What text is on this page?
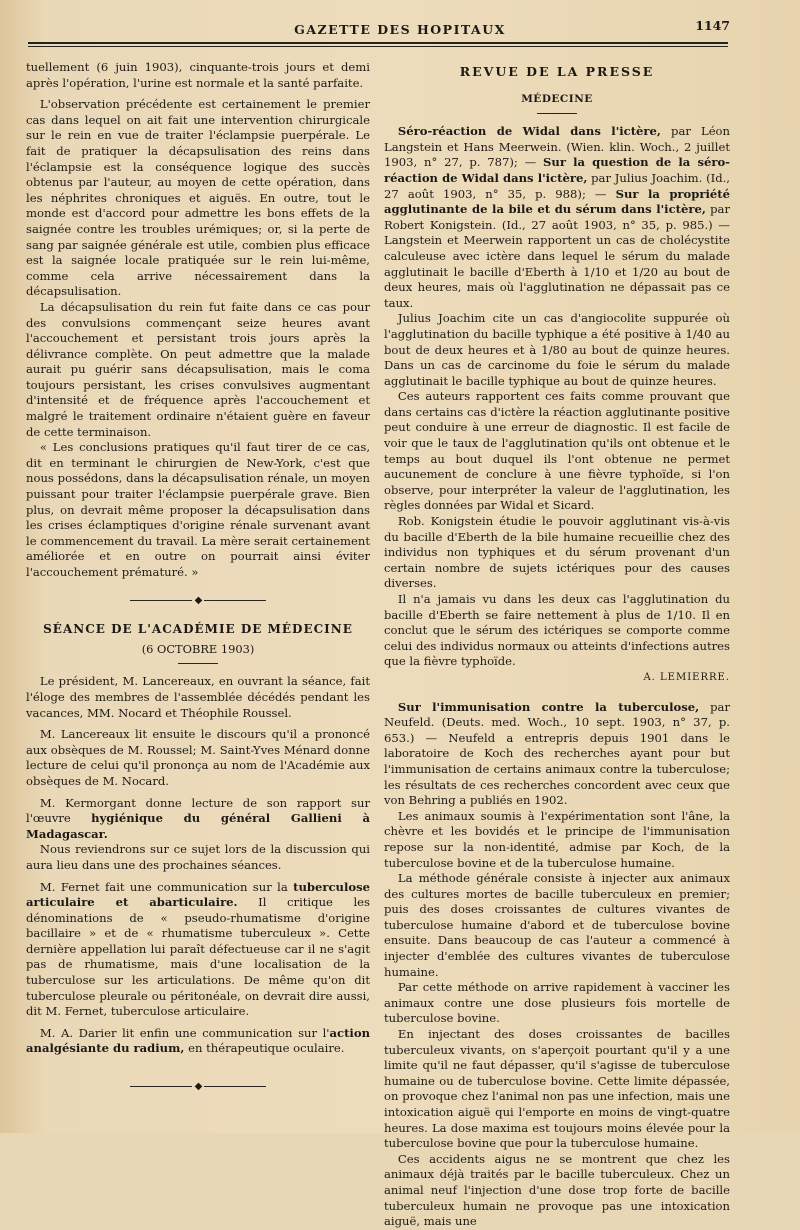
GAZETTE DES HOPITAUX	1147

tuellement (6 juin 1903), cinquante-trois jours et demi après l'opération, l'urine est normale et la santé parfaite.

L'observation précédente est certainement le premier cas dans lequel on ait fait une intervention chirurgicale sur le rein en vue de traiter l'éclampsie puerpérale. Le fait de pratiquer la décapsulisation des reins dans l'éclampsie est la conséquence logique des succès obtenus par l'auteur, au moyen de cette opération, dans les néphrites chroniques et aiguës. En outre, tout le monde est d'accord pour admettre les bons effets de la saignée contre les troubles urémiques; or, si la perte de sang par saignée générale est utile, combien plus efficace est la saignée locale pratiquée sur le rein lui-même, comme cela arrive nécessairement dans la décapsulisation.

La décapsulisation du rein fut faite dans ce cas pour des convulsions commençant seize heures avant l'accouchement et persistant trois jours après la délivrance complète. On peut admettre que la malade aurait pu guérir sans décapsulisation, mais le coma toujours persistant, les crises convulsives augmentant d'intensité et de fréquence après l'accouchement et malgré le traitement ordinaire n'étaient guère en faveur de cette terminaison.

« Les conclusions pratiques qu'il faut tirer de ce cas, dit en terminant le chirurgien de New-York, c'est que nous possédons, dans la décapsulisation rénale, un moyen puissant pour traiter l'éclampsie puerpérale grave. Bien plus, on devrait même proposer la décapsulisation dans les crises éclamptiques d'origine rénale survenant avant le commencement du travail. La mère serait certainement améliorée et en outre on pourrait ainsi éviter l'accouchement prématuré. »

◆
SÉANCE DE L'ACADÉMIE DE MÉDECINE
(6 OCTOBRE 1903)

Le président, M. Lancereaux, en ouvrant la séance, fait l'éloge des membres de l'assemblée décédés pendant les vacances, MM. Nocard et Théophile Roussel.

M. Lancereaux lit ensuite le discours qu'il a prononcé aux obsèques de M. Roussel; M. Saint-Yves Ménard donne lecture de celui qu'il prononça au nom de l'Académie aux obsèques de M. Nocard.

M. Kermorgant donne lecture de son rapport sur l'œuvre hygiénique du général Gallieni à Madagascar.

Nous reviendrons sur ce sujet lors de la discussion qui aura lieu dans une des prochaines séances.

M. Fernet fait une communication sur la tuberculose articulaire et abarticulaire. Il critique les dénominations de « pseudo-rhumatisme d'origine bacillaire » et de « rhumatisme tuberculeux ». Cette dernière appellation lui paraît défectueuse car il ne s'agit pas de rhumatisme, mais d'une localisation de la tuberculose sur les articulations. De même qu'on dit tuberculose pleurale ou péritonéale, on devrait dire aussi, dit M. Fernet, tuberculose articulaire.

M. A. Darier lit enfin une communication sur l'action analgésiante du radium, en thérapeutique oculaire.

◆
REVUE DE LA PRESSE
MÉDECINE

Séro-réaction de Widal dans l'ictère, par Léon Langstein et Hans Meerwein. (Wien. klin. Woch., 2 juillet 1903, n° 27, p. 787); — Sur la question de la séro-réaction de Widal dans l'ictère, par Julius Joachim. (Id., 27 août 1903, n° 35, p. 988); — Sur la propriété agglutinante de la bile et du sérum dans l'ictère, par Robert Konigstein. (Id., 27 août 1903, n° 35, p. 985.) — Langstein et Meerwein rapportent un cas de cholécystite calculeuse avec ictère dans lequel le sérum du malade agglutinait le bacille d'Eberth à 1/10 et 1/20 au bout de deux heures, mais où l'agglutination ne dépassait pas ce taux.

Julius Joachim cite un cas d'angiocolite suppurée où l'agglutination du bacille typhique a été positive à 1/40 au bout de deux heures et à 1/80 au bout de quinze heures. Dans un cas de carcinome du foie le sérum du malade agglutinait le bacille typhique au bout de quinze heures.

Ces auteurs rapportent ces faits comme prouvant que dans certains cas d'ictère la réaction agglutinante positive peut conduire à une erreur de diagnostic. Il est facile de voir que le taux de l'agglutination qu'ils ont obtenue et le temps au bout duquel ils l'ont obtenue ne permet aucunement de conclure à une fièvre typhoïde, si l'on observe, pour interpréter la valeur de l'agglutination, les règles données par Widal et Sicard.

Rob. Konigstein étudie le pouvoir agglutinant vis-à-vis du bacille d'Eberth de la bile humaine recueillie chez des individus non typhiques et du sérum provenant d'un certain nombre de sujets ictériques pour des causes diverses.

Il n'a jamais vu dans les deux cas l'agglutination du bacille d'Eberth se faire nettement à plus de 1/10. Il en conclut que le sérum des ictériques se comporte comme celui des individus normaux ou atteints d'infections autres que la fièvre typhoïde.

A. LEMIERRE.

Sur l'immunisation contre la tuberculose, par Neufeld. (Deuts. med. Woch., 10 sept. 1903, n° 37, p. 653.) — Neufeld a entrepris depuis 1901 dans le laboratoire de Koch des recherches ayant pour but l'immunisation de certains animaux contre la tuberculose; les résultats de ces recherches concordent avec ceux que von Behring a publiés en 1902.

Les animaux soumis à l'expérimentation sont l'âne, la chèvre et les bovidés et le principe de l'immunisation repose sur la non-identité, admise par Koch, de la tuberculose bovine et de la tuberculose humaine.

La méthode générale consiste à injecter aux animaux des cultures mortes de bacille tuberculeux en premier; puis des doses croissantes de cultures vivantes de tuberculose humaine d'abord et de tuberculose bovine ensuite. Dans beaucoup de cas l'auteur a commencé à injecter d'emblée des cultures vivantes de tuberculose humaine.

Par cette méthode on arrive rapidement à vacciner les animaux contre une dose plusieurs fois mortelle de tuberculose bovine.

En injectant des doses croissantes de bacilles tuberculeux vivants, on s'aperçoit pourtant qu'il y a une limite qu'il ne faut dépasser, qu'il s'agisse de tuberculose humaine ou de tuberculose bovine. Cette limite dépassée, on provoque chez l'animal non pas une infection, mais une intoxication aiguë qui l'emporte en moins de vingt-quatre heures. La dose maxima est toujours moins élevée pour la tuberculose bovine que pour la tuberculose humaine.

Ces accidents aigus ne se montrent que chez les animaux déjà traités par le bacille tuberculeux. Chez un animal neuf l'injection d'une dose trop forte de bacille tuberculeux humain ne provoque pas une intoxication aiguë, mais une
